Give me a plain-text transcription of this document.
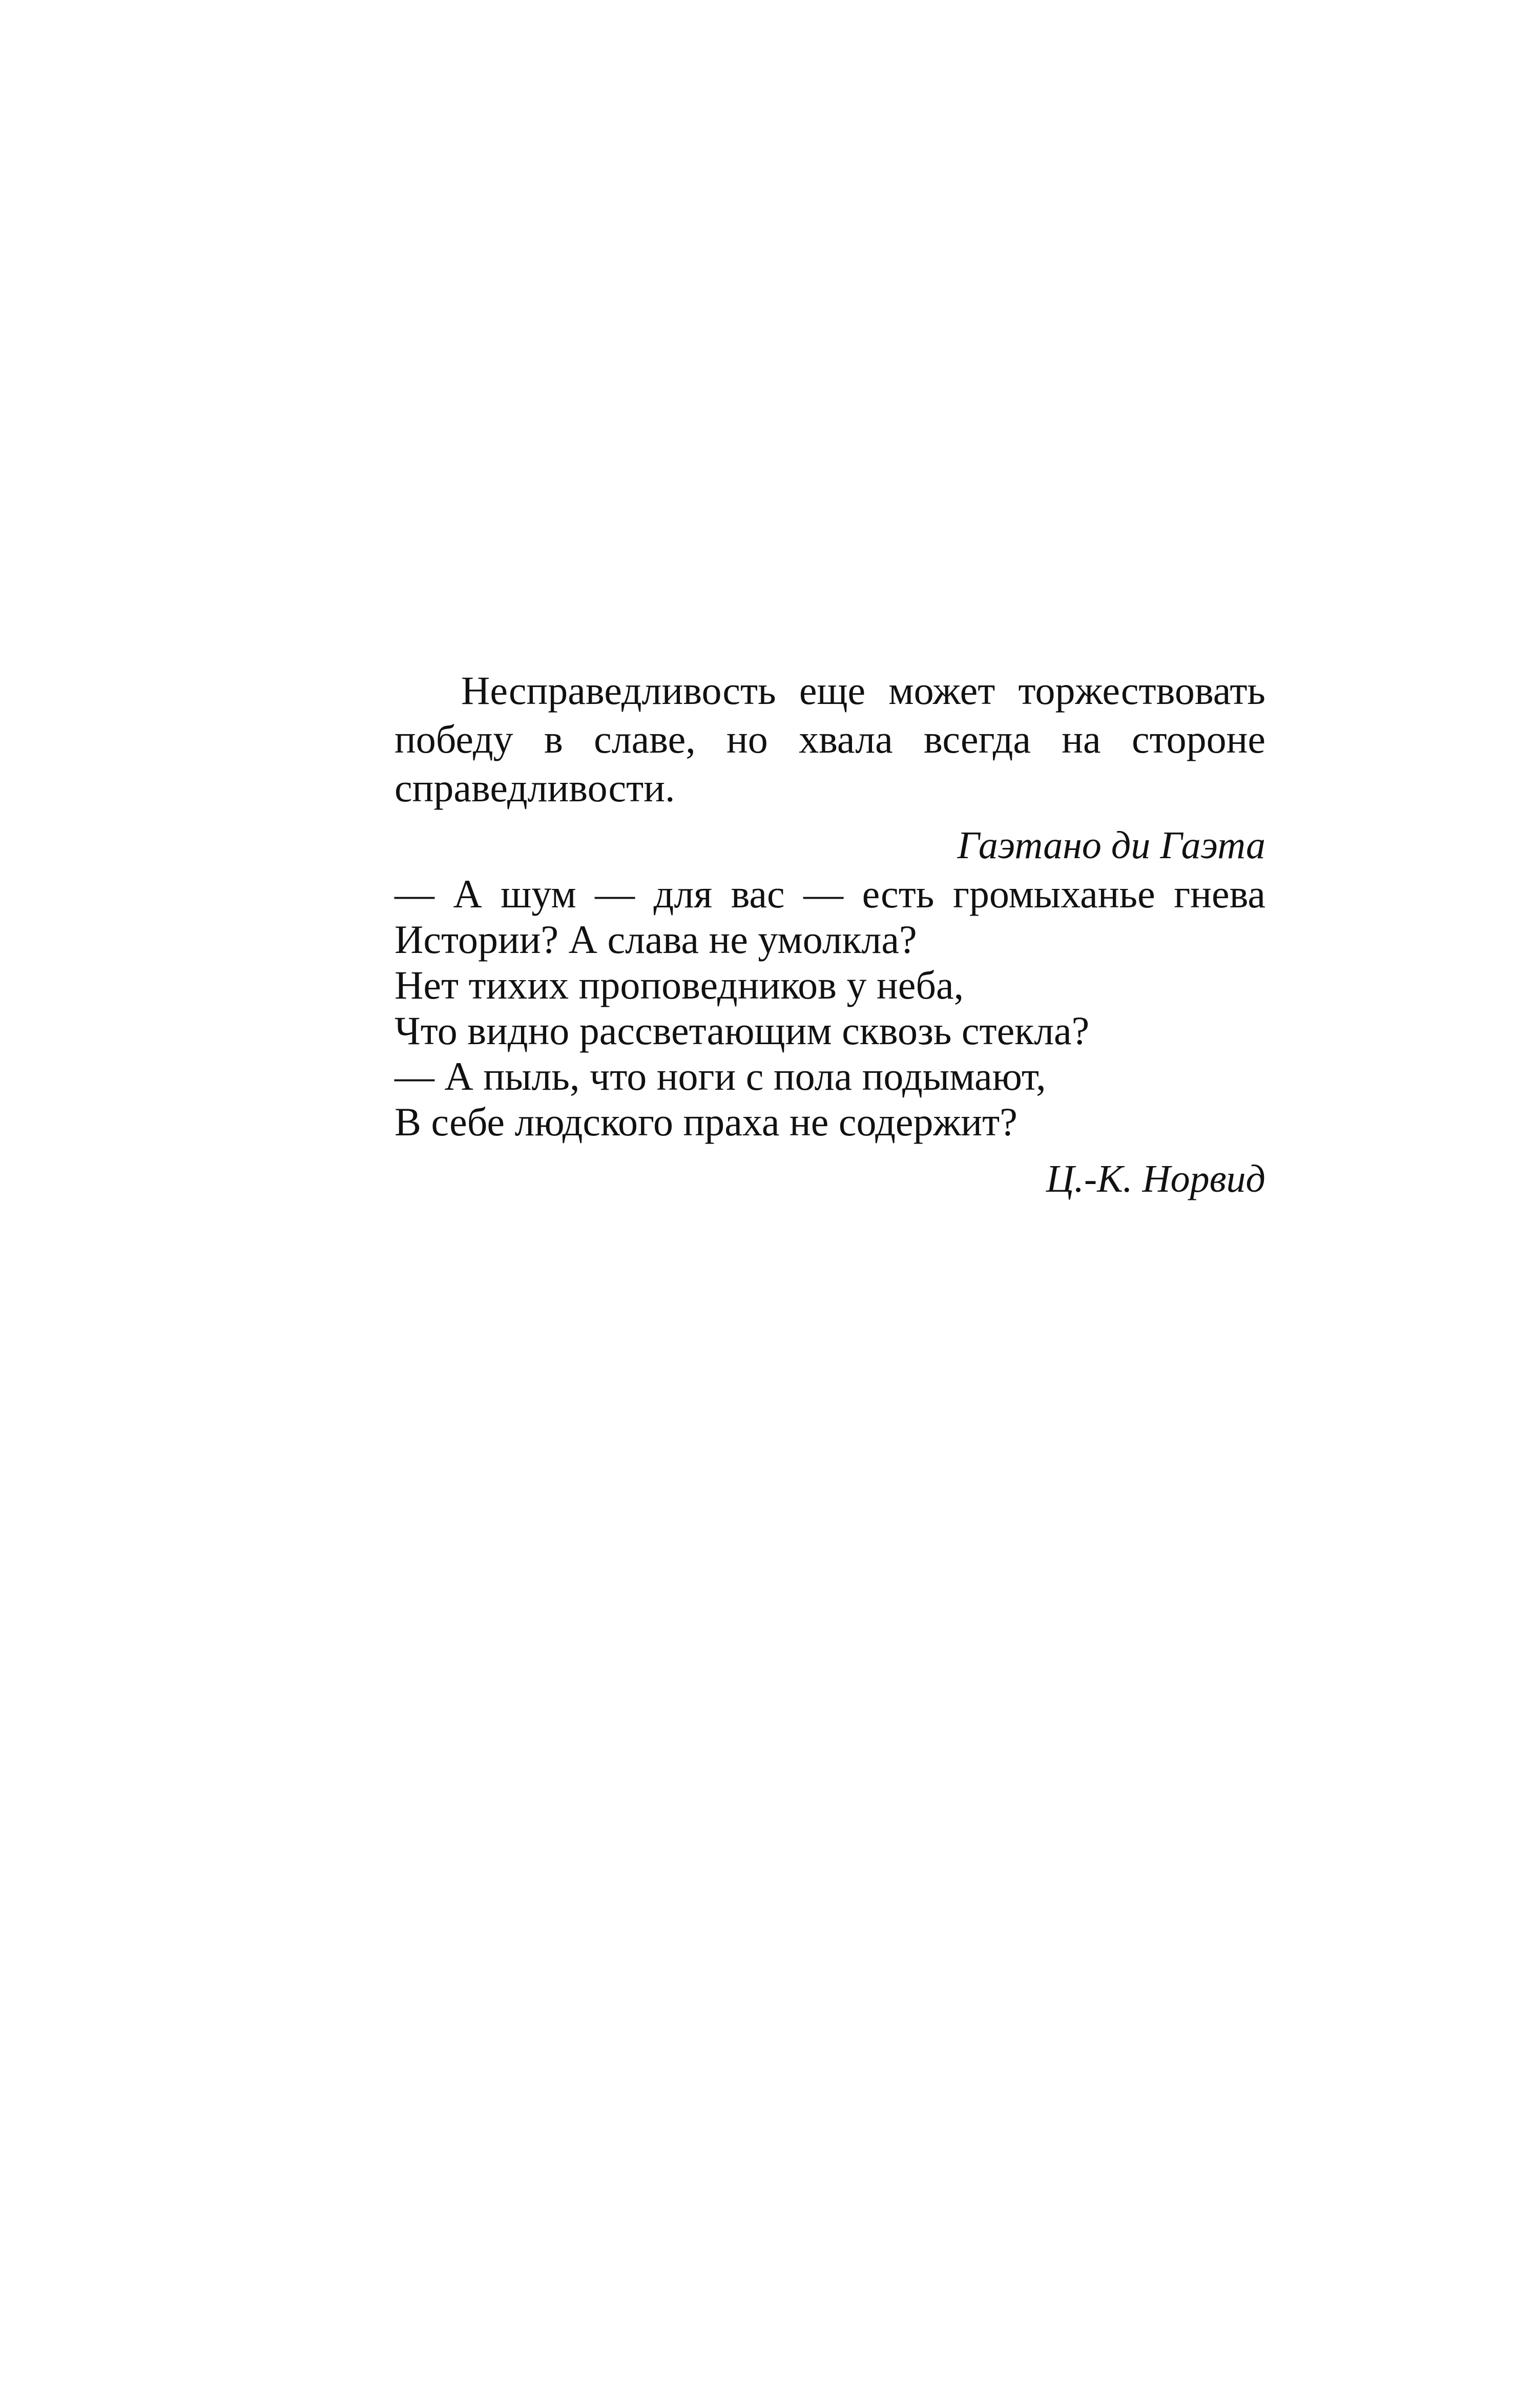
Несправедливость еще может торжествовать победу в славе, но хвала всегда на стороне справедливости.

Гаэтано ди Гаэта
— А шум — для вас — есть громыханье гнева
Истории? А слава не умолкла?
Нет тихих проповедников у неба,
Что видно рассветающим сквозь стекла?
— А пыль, что ноги с пола подымают,
В себе людского праха не содержит?
Ц.-К. Норвид
